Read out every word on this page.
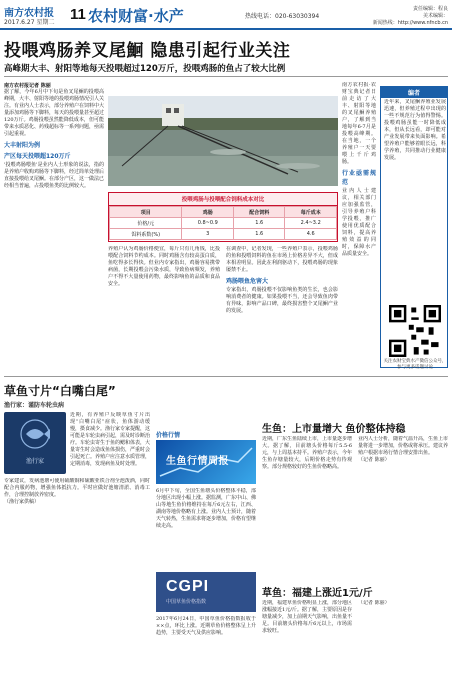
南方农村报
2017.6.27 星期二 11 农村财富·水产	热线电话：020-63030394
责任编辑：程良
美术编辑：
新闻热线：http://www.nfncb.cn
投喂鸡肠养叉尾鮰 隐患引起行业关注
高峰期大丰、射阳等地每天投喂超过120万斤，投喂鸡肠的鱼占了较大比例
南方农村报记者 陈丽
据了解，今年6月中下旬是鱼叉尾鮰的投喂高峰期，大丰、射阳等地的投喂鸡肠情况引人关注。有业内人士表示，部分养殖户在饲料中大量添加鸡肠等下脚料，每天的投喂量甚至超过120万斤。鸡肠投喂虽然能降低成本，但可能带来水质恶化、药残超标等一系列问题，亟需引起重视。
大丰射阳为例
产区每天投喂超120万斤
'投喂鸡肠喂鱼'是业内人士形象的说法，指的是养殖户收购鸡肠等下脚料，经过简单处理后直接投喂给叉尾鮰。在部分产区，这一做法已经相当普遍，占投喂鱼类的比例较大。
投喂鸡肠与投喂配合饲料成本对比
项目	鸡肠	配合饲料	每斤成本
价格/元	0.8~0.9	1.6	2.4~3.2
饵料系数(%)	3	1.6	4.6
养殖户认为鸡肠价格便宜，每斤只有几角钱，比投喂配合饲料节约成本。同时鸡肠含有较高蛋白质，鱼吃得多长得快。但业内专家指出，鸡肠容易携带病菌，长期投喂会污染水质，导致鱼病频发，养殖户不得不大量使用药物，最终影响鱼的品质和食品安全。
在调查中，记者发现，一些养殖户表示，投喂鸡肠的鱼和投喂饲料的鱼在市场上价格差异不大，但成本相差明显。因此在利润驱动下，投喂鸡肠的现象屡禁不止。
鸡肠喂鱼危害大
专家指出，鸡肠投喂不仅影响鱼类的生长，也会影响消费者的健康。如果投喂不当，还会导致鱼肉带有异味，影响产品口碑，最终损害整个叉尾鮰产业的发展。
南方农村报·农财宝典记者日前走访了大丰、射阳等地的叉尾鮰养殖户，了解到当地每年6-7月是投喂高峰期。在当地，一个养殖户一天要喂上千斤鸡肠。
行业亟需规范
业内人士建议，相关部门应加强监管，引导养殖户科学投喂，推广使用优质配合饲料，提高养殖效益的同时，保障水产品质量安全。
编者
近年来，叉尾鮰养殖业发展迅速，但养殖过程中出现的一些不规范行为值得警惕。投喂鸡肠虽能一时降低成本，但从长远看，却可能对产业发展带来负面影响。希望养殖户能够着眼长远，科学养殖，共同推动行业健康发展。
关注农财宝典水产微信公众号，参与更多话题讨论
草鱼寸片“白嘴白尾”
渔行家：谨防车轮虫病
渔行家
近期，有养殖户反映草鱼寸片出现“白嘴白尾”症状，鱼体游动缓慢，摄食减少。渔行家专家提醒，这可能是车轮虫病引起，需及时诊断治疗。车轮虫寄生于鱼的鳃和体表，大量寄生时会造成鱼体损伤，严重时会引起死亡。养殖户应注意水质管理，定期消毒，发现病鱼及时处理。
专家建议，发病池塘可使用硫酸铜和硫酸亚铁合剂全池泼洒，同时配合内服药物，增强鱼体抵抗力。平时应做好池塘清淤、消毒工作，合理控制放养密度。
（渔行家供稿）
价格行情
生鱼行情周报
6月中下旬，全国生鱼塘头价格整体平稳，部分地区出现小幅上涨。据监测，广东中山、佛山等地生鱼价格维持在每斤6元左右，江西、湖南等地价格略有上涨。业内人士预计，随着天气转热，生鱼需求将逐步增加，价格有望继续走高。
CGPI
中国草鱼价格指数
2017年6月24日，中国草鱼价格指数报收于××点，环比上涨。近期草鱼价格整体呈上升趋势，主要受天气及供应影响。
生鱼：上市量增大 鱼价整体持稳
近期，广东生鱼陆续上市，上市量逐步增大。据了解，目前塘头价格每斤5.5-6元，与上周基本持平。养殖户表示，今年生鱼存塘量较大，后期价格走势有待观察。部分规格较好的生鱼价格略高。
业内人士分析，随着气温升高，生鱼上市量将进一步增加，价格或将承压。建议养殖户根据市场行情合理安排出鱼。
（记者 陈丽）
草鱼：福建上涨近1元/斤
近期，福建草鱼价格明显上涨，部分地区涨幅接近1元/斤。据了解，主要原因是存塘量减少，加上前期天气影响，出鱼量不足。目前塘头价格每斤6元以上，市场需求较旺。
（记者 陈丽）
